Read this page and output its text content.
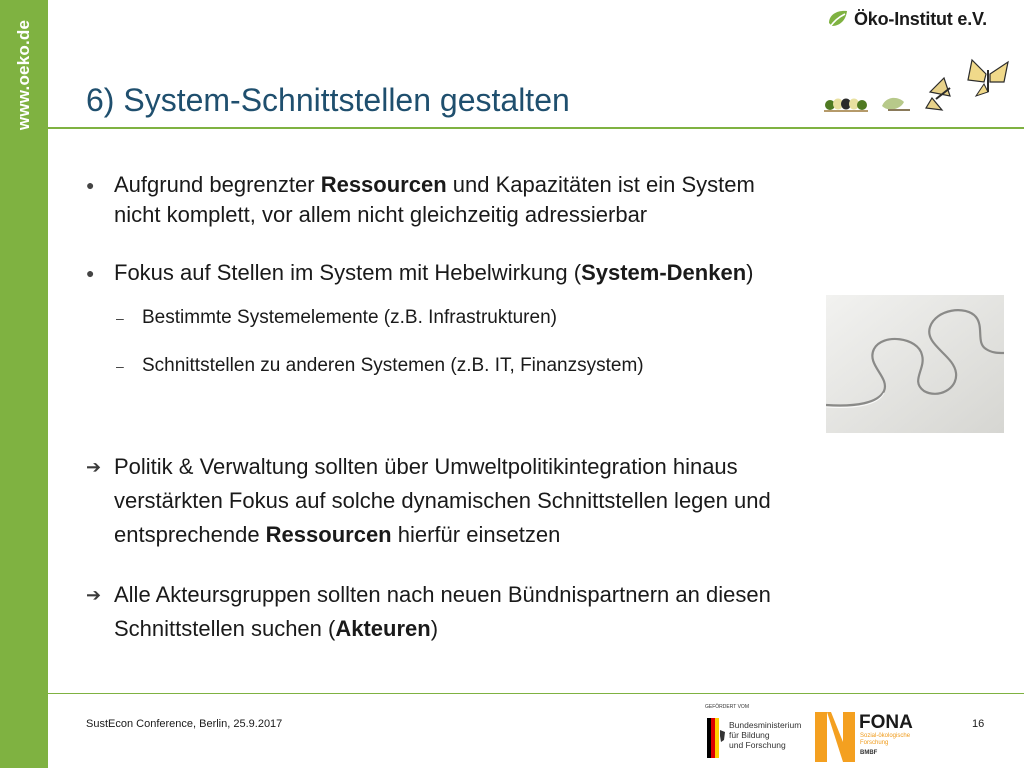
www.oeko.de
Öko-Institut e.V.
6) System-Schnittstellen gestalten
● Aufgrund begrenzter Ressourcen und Kapazitäten ist ein System
nicht komplett, vor allem nicht gleichzeitig adressierbar
● Fokus auf Stellen im System mit Hebelwirkung (System-Denken)
– Bestimmte Systemelemente (z.B. Infrastrukturen)
– Schnittstellen zu anderen Systemen (z.B. IT, Finanzsystem)
➔ Politik & Verwaltung sollten über Umweltpolitikintegration hinaus
verstärkten Fokus auf solche dynamischen Schnittstellen legen und
entsprechende Ressourcen hierfür einsetzen
➔ Alle Akteursgruppen sollten nach neuen Bündnispartnern an diesen
Schnittstellen suchen (Akteuren)
SustEcon Conference, Berlin, 25.9.2017
GEFÖRDERT VOM
Bundesministerium
für Bildung
und Forschung
FONA
Sozial-ökologische
Forschung
BMBF
16
